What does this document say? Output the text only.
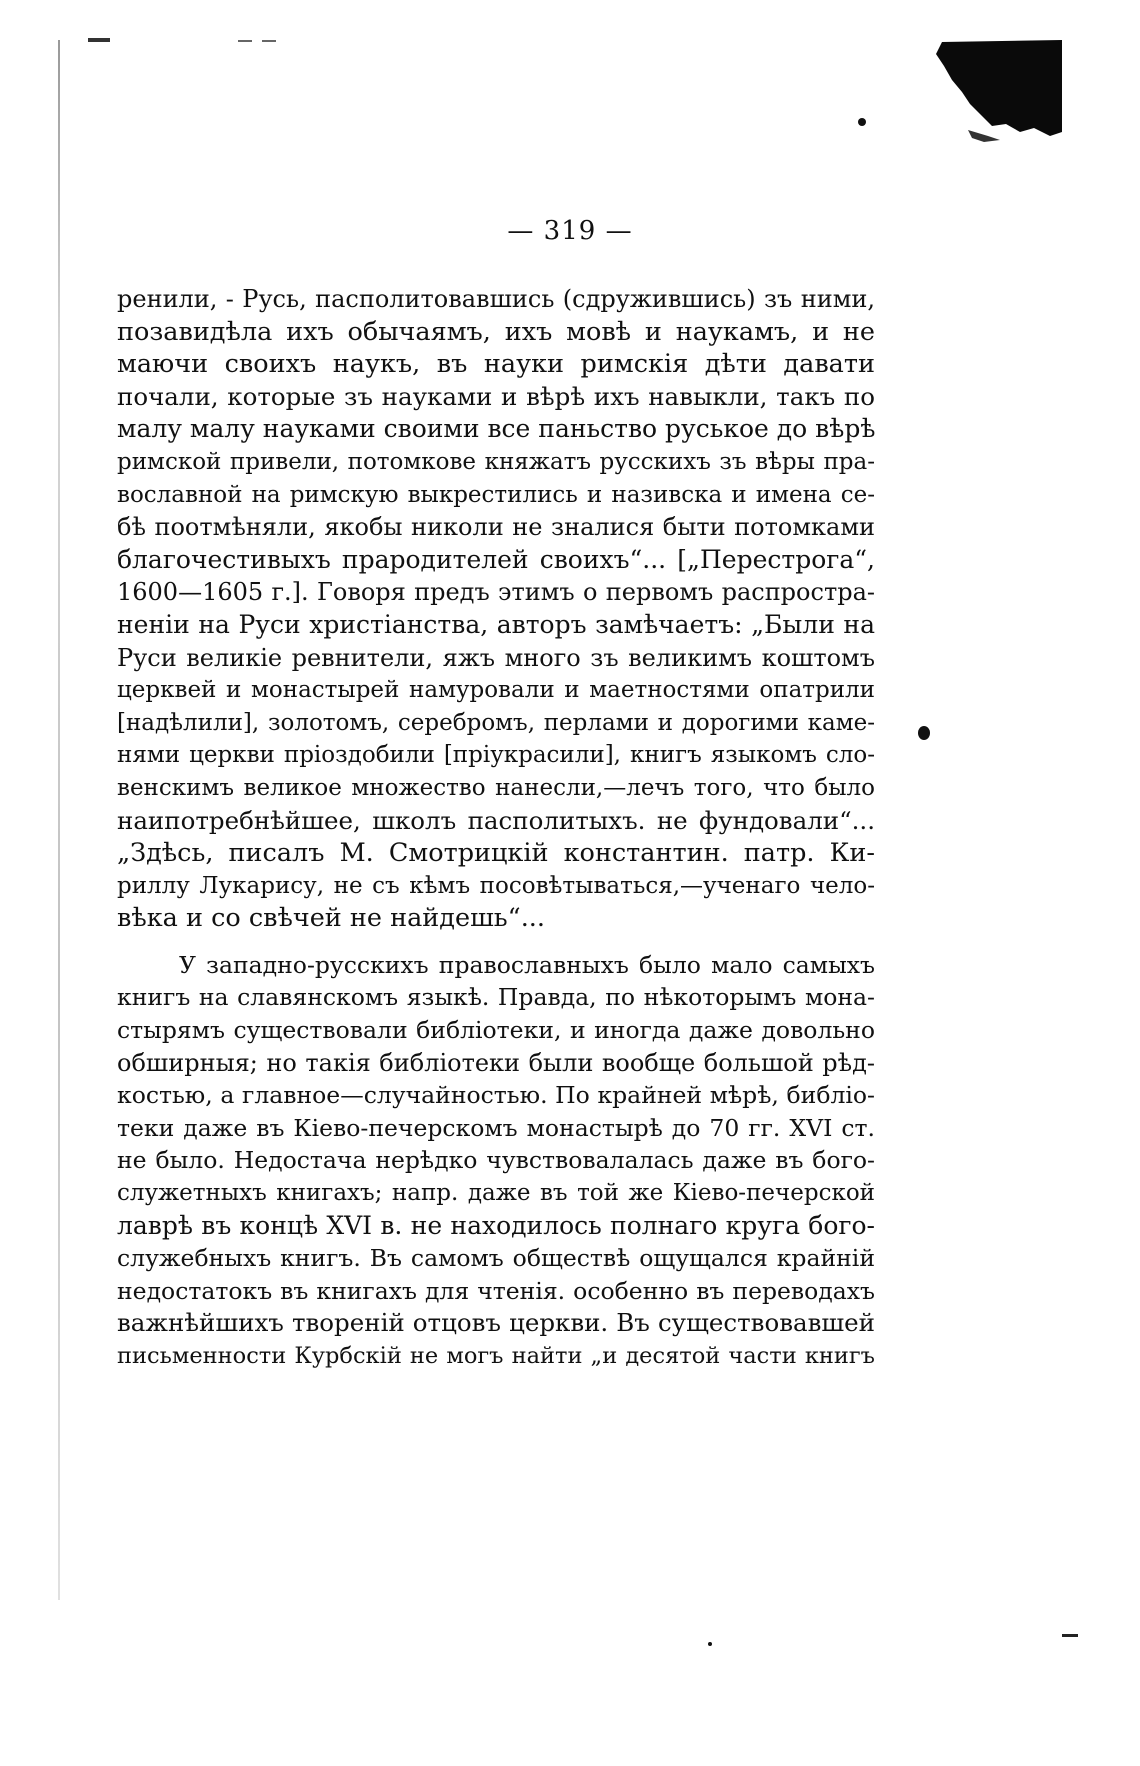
— 319 —
ренили, - Русь, пасполитовавшись (сдружившись) зъ ними,
позавидѣла ихъ обычаямъ, ихъ мовѣ и наукамъ, и не
маючи своихъ наукъ, въ науки римскія дѣти давати
почали, которые зъ науками и вѣрѣ ихъ навыкли, такъ по
малу малу науками своими все паньство руськое до вѣрѣ
римской привели, потомкове княжатъ русскихъ зъ вѣры пра-
вославной на римскую выкрестились и називска и имена се-
бѣ поотмѣняли, якобы николи не зналися быти потомками
благочестивыхъ прародителей своихъ“... [„Перестрога“,
1600—1605 г.]. Говоря предъ этимъ о первомъ распростра-
неніи на Руси христіанства, авторъ замѣчаетъ: „Были на
Руси великіе ревнители, яжъ много зъ великимъ коштомъ
церквей и монастырей намуровали и маетностями опатрили
[надѣлили], золотомъ, серебромъ, перлами и дорогими каме-
нями церкви пріоздобили [пріукрасили], книгъ языкомъ сло-
венскимъ великое множество нанесли,—лечъ того, что было
наипотребнѣйшее, школъ пасполитыхъ. не фундовали“...
„Здѣсь, писалъ М. Смотрицкій константин. патр. Ки-
риллу Лукарису, не съ кѣмъ посовѣтываться,—ученаго чело-
вѣка и со свѣчей не найдешь“...
У западно-русскихъ православныхъ было мало самыхъ
книгъ на славянскомъ языкѣ. Правда, по нѣкоторымъ мона-
стырямъ существовали библіотеки, и иногда даже довольно
обширныя; но такія библіотеки были вообще большой рѣд-
костью, а главное—случайностью. По крайней мѣрѣ, библіо-
теки даже въ Кіево-печерскомъ монастырѣ до 70 гг. XVI ст.
не было. Недостача нерѣдко чувствовалалась даже въ бого-
служетныхъ книгахъ; напр. даже въ той же Кіево-печерской
лаврѣ въ концѣ XVI в. не находилось полнаго круга бого-
служебныхъ книгъ. Въ самомъ обществѣ ощущался крайній
недостатокъ въ книгахъ для чтенія. особенно въ переводахъ
важнѣйшихъ твореній отцовъ церкви. Въ существовавшей
письменности Курбскій не могъ найти „и десятой части книгъ
